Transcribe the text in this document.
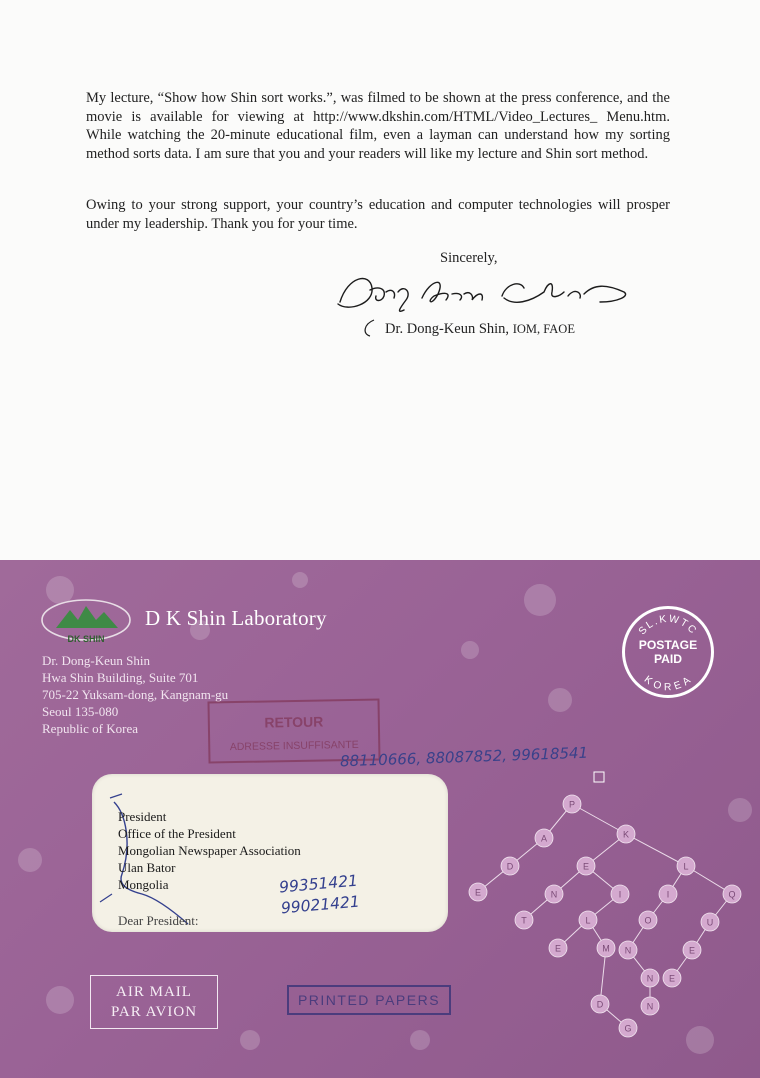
My lecture, “Show how Shin sort works.”, was filmed to be shown at the press conference, and the movie is available for viewing at http://www.dkshin.com/HTML/Video_Lectures_ Menu.htm. While watching the 20-minute educational film, even a layman can understand how my sorting method sorts data. I am sure that you and your readers will like my lecture and Shin sort method.

Owing to your strong support, your country’s education and computer technologies will prosper under my leadership. Thank you for your time.

Sincerely,
Dr. Dong-Keun Shin, IOM, FAOE
DK SHIN
D K Shin Laboratory
Dr. Dong-Keun Shin
Hwa Shin Building, Suite 701
705-22 Yuksam-dong, Kangnam-gu
Seoul 135-080
Republic of Korea
SL.KWTC
POSTAGE
PAID
KOREA
RETOUR
ADRESSE INSUFFISANTE
88110666, 88087852, 99618541
President
Office of the President
Mongolian Newspaper Association
Ulan Bator
Mongolia
Dear President:
99351421
99021421
P
A	K
D	E	L
E	N	I	I	Q
T	L	O	U
E	M N	E
N E
D	N
G
AIR MAIL
PAR AVION
PRINTED PAPERS
